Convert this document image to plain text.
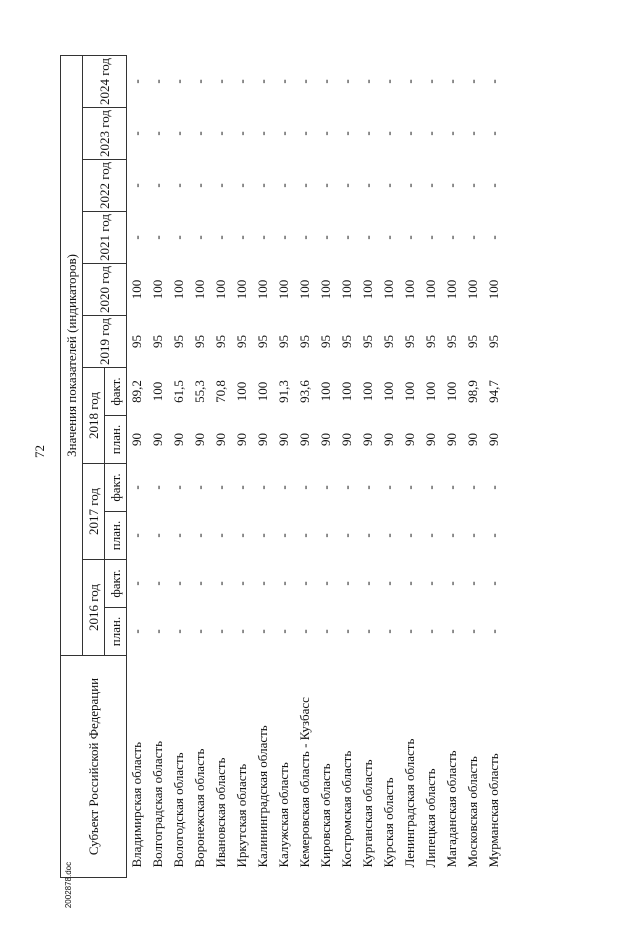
72
Субъект Российской Федерации	Значения показателей (индикаторов)											
	2016 год		2017 год		2018 год		2019 год	2020 год	2021 год	2022 год	2023 год	2024 год
	план.	факт.	план.	факт.	план.	факт.						
Владимирская область	-	-	-	-	90	89,2	95	100	-	-	-	-
Волгоградская область	-	-	-	-	90	100	95	100	-	-	-	-
Вологодская область	-	-	-	-	90	61,5	95	100	-	-	-	-
Воронежская область	-	-	-	-	90	55,3	95	100	-	-	-	-
Ивановская область	-	-	-	-	90	70,8	95	100	-	-	-	-
Иркутская область	-	-	-	-	90	100	95	100	-	-	-	-
Калининградская область	-	-	-	-	90	100	95	100	-	-	-	-
Калужская область	-	-	-	-	90	91,3	95	100	-	-	-	-
Кемеровская область - Кузбасс	-	-	-	-	90	93,6	95	100	-	-	-	-
Кировская область	-	-	-	-	90	100	95	100	-	-	-	-
Костромская область	-	-	-	-	90	100	95	100	-	-	-	-
Курганская область	-	-	-	-	90	100	95	100	-	-	-	-
Курская область	-	-	-	-	90	100	95	100	-	-	-	-
Ленинградская область	-	-	-	-	90	100	95	100	-	-	-	-
Липецкая область	-	-	-	-	90	100	95	100	-	-	-	-
Магаданская область	-	-	-	-	90	100	95	100	-	-	-	-
Московская область	-	-	-	-	90	98,9	95	100	-	-	-	-
Мурманская область	-	-	-	-	90	94,7	95	100	-	-	-	-

2002878.doc
